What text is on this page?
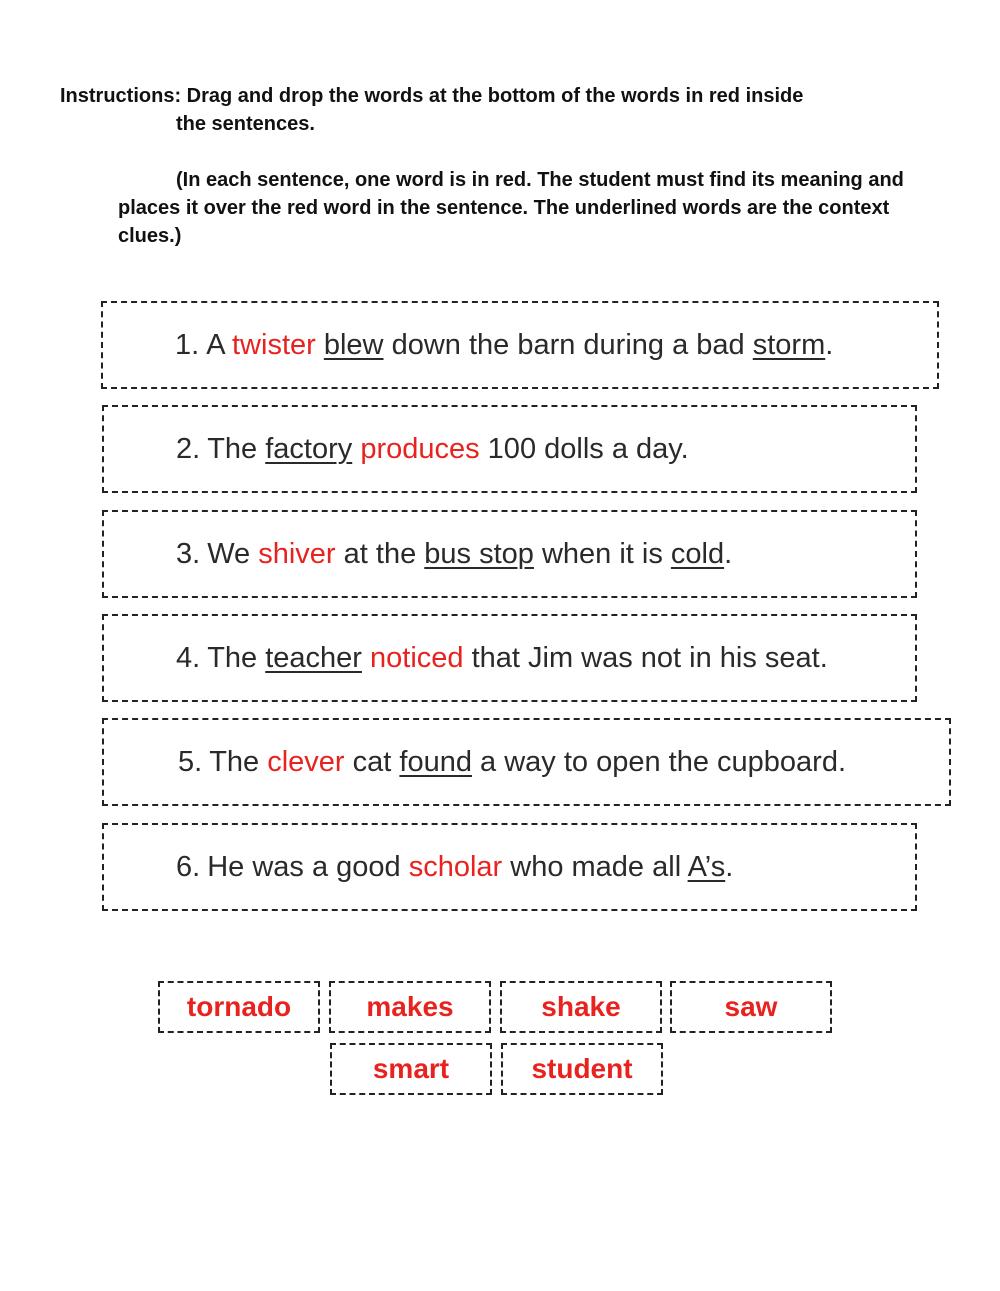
Instructions: Drag and drop the words at the bottom of the words in red inside
the sentences.
(In each sentence, one word is in red. The student must find its meaning and places it over the red word in the sentence. The underlined words are the context clues.)
1. A twister blew down the barn during a bad storm.
2. The factory produces 100 dolls a day.
3. We shiver at the bus stop when it is cold.
4. The teacher noticed that Jim was not in his seat.
5. The clever cat found a way to open the cupboard.
6. He was a good scholar who made all A’s.
tornado	makes	shake	saw
smart	student
